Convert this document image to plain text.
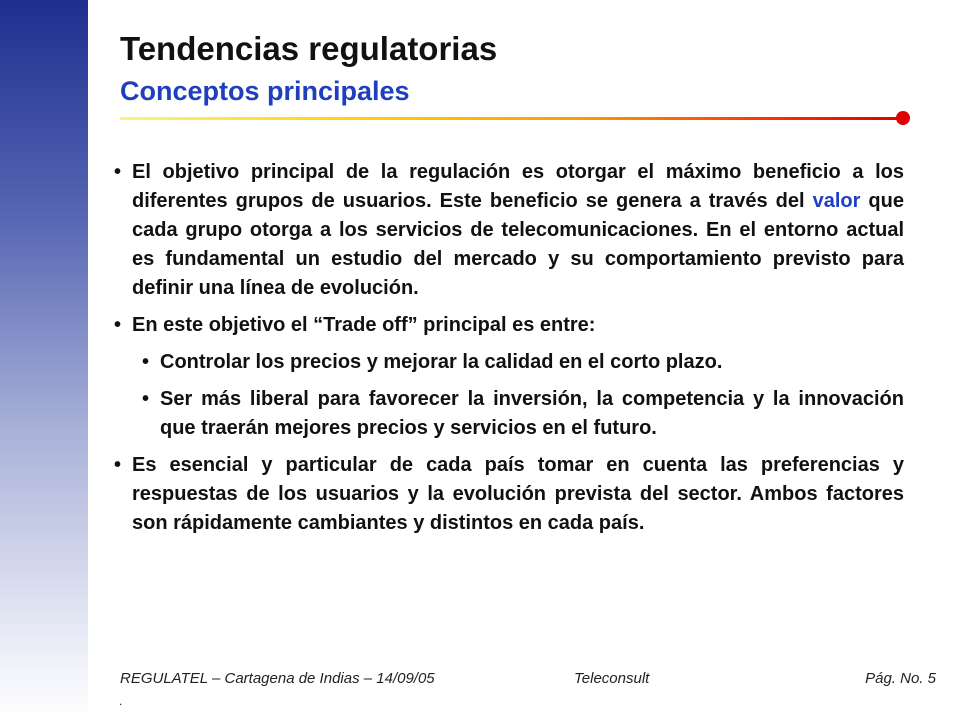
Tendencias regulatorias
Conceptos principales
• El objetivo principal de la regulación es otorgar el máximo beneficio a los diferentes grupos de usuarios. Este beneficio se genera a través del valor que cada grupo otorga a los servicios de telecomunicaciones. En el entorno actual es fundamental un estudio del mercado y su comportamiento previsto para definir una línea de evolución.
• En este objetivo el “Trade off” principal es entre:
• Controlar los precios y mejorar la calidad en el corto plazo.
• Ser más liberal para favorecer la inversión, la competencia y la innovación que traerán mejores precios y servicios en el futuro.
• Es esencial y particular de cada país tomar en cuenta las preferencias y respuestas de los usuarios y la evolución prevista del sector. Ambos factores son rápidamente cambiantes y distintos en cada país.
REGULATEL – Cartagena de Indias – 14/09/05	Teleconsult	Pág. No. 5
.
